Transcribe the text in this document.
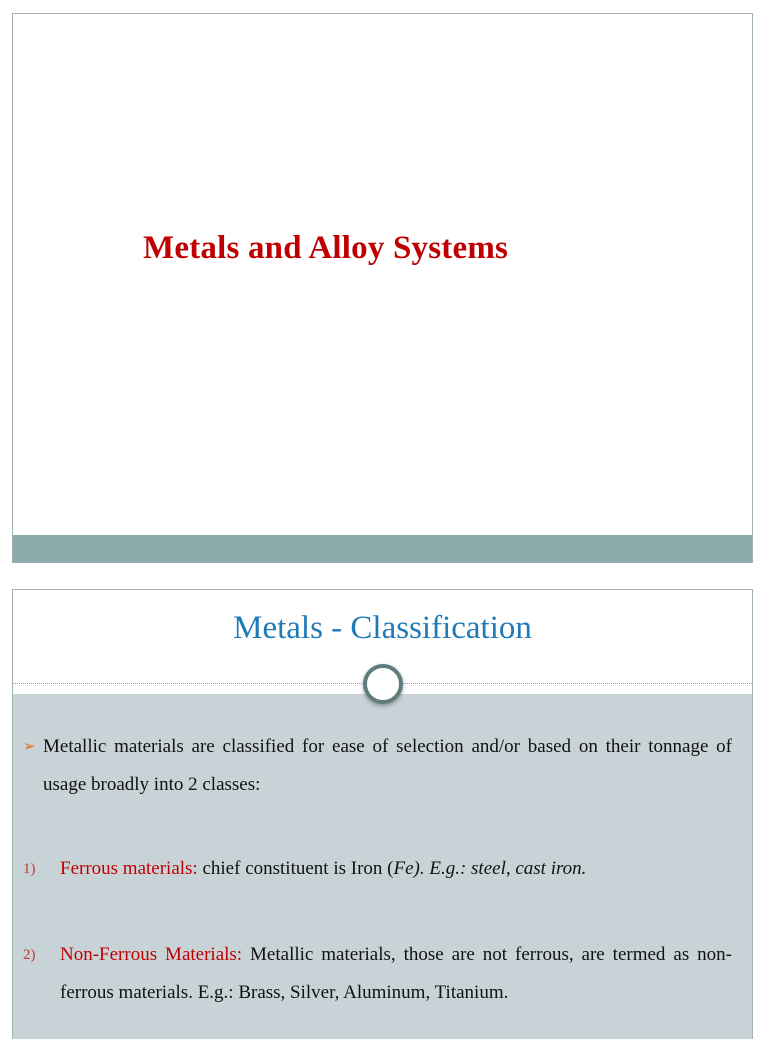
Metals and Alloy Systems
Metals - Classification
➢ Metallic materials are classified for ease of selection and/or based on their tonnage of usage broadly into 2 classes:
1)	Ferrous materials: chief constituent is Iron (Fe). E.g.: steel, cast iron.
2)	Non-Ferrous Materials: Metallic materials, those are not ferrous, are termed as non-ferrous materials. E.g.: Brass, Silver, Aluminum, Titanium.
